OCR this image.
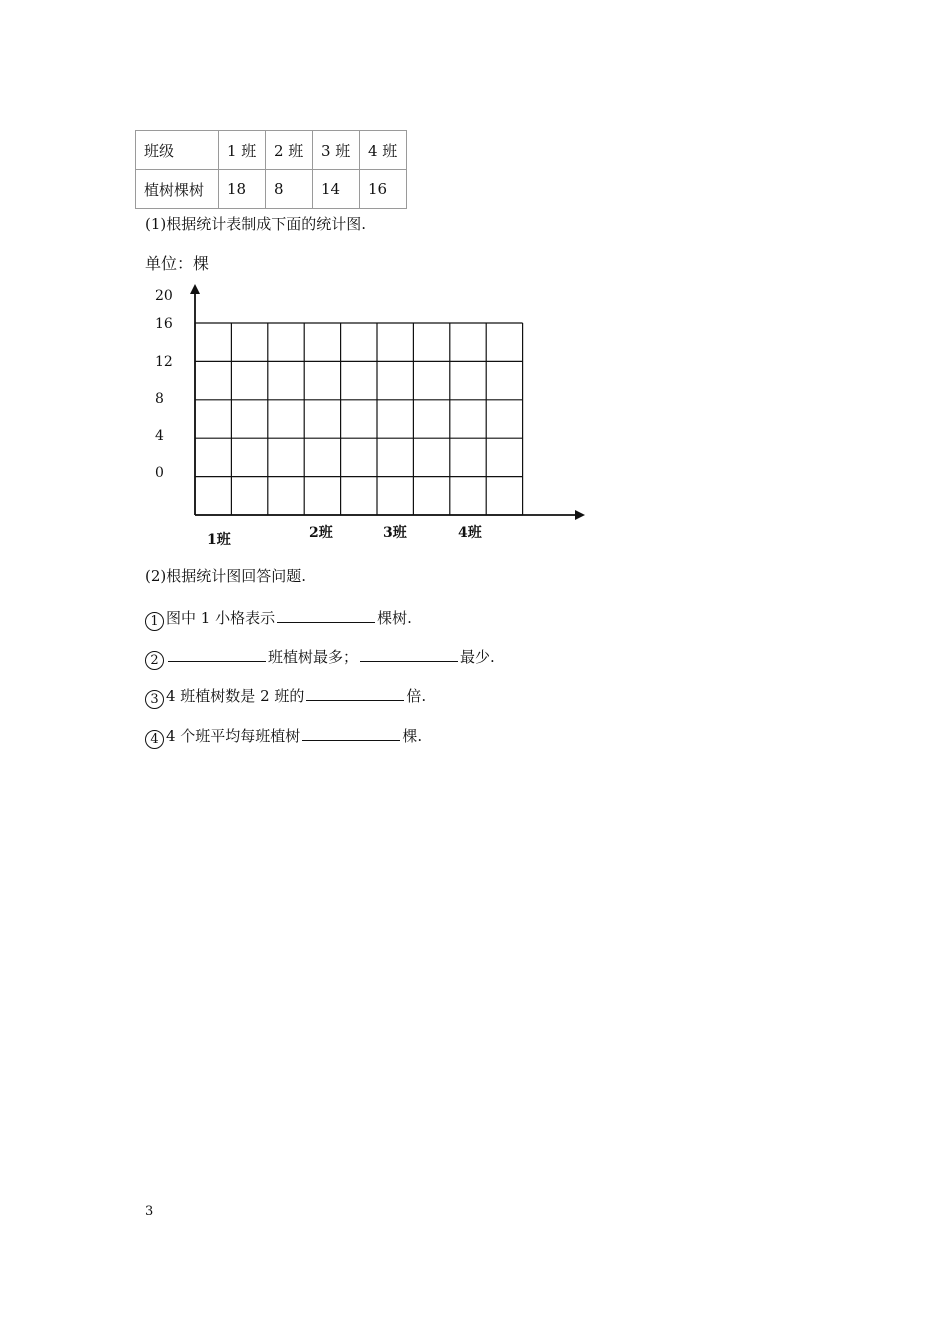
班级	1 班	2 班	3 班	4 班
植树棵树	18	8	14	16
(1)根据统计表制成下面的统计图.
单位：棵
20
16
12
8
4
0
1班	2班	3班	4班
(2)根据统计图回答问题.
1 图中 1 小格表示	棵树.
2	班植树最多；	最少.
3 4 班植树数是 2 班的	倍.
4 4 个班平均每班植树	棵.
3
